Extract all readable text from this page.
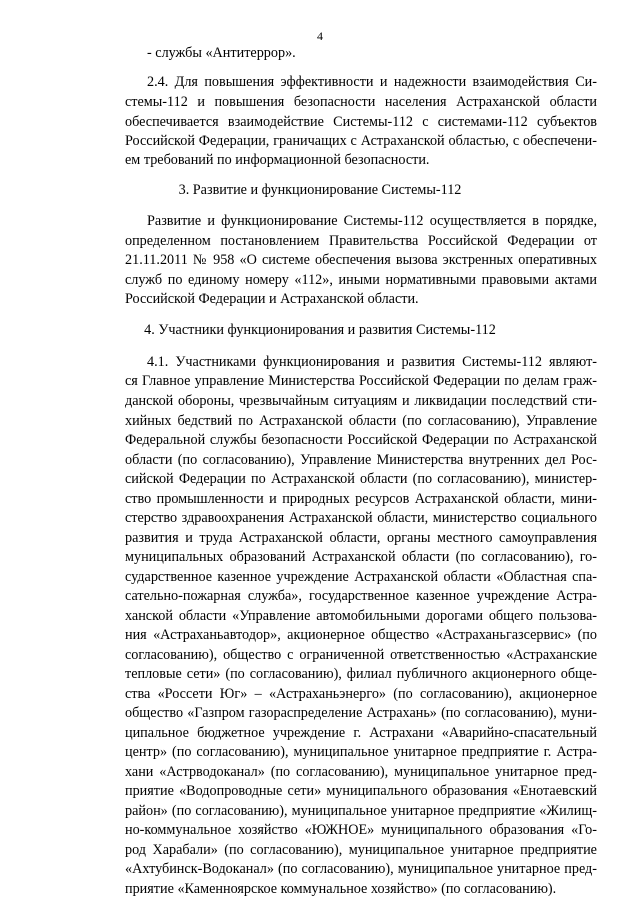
4
- службы «Антитеррор».
2.4. Для повышения эффективности и надежности взаимодействия Си-
стемы-112 и повышения безопасности населения Астраханской области
обеспечивается взаимодействие Системы-112 с системами-112 субъектов
Российской Федерации, граничащих с Астраханской областью, с обеспечени-
ем требований по информационной безопасности.
3. Развитие и функционирование Системы-112
Развитие и функционирование Системы-112 осуществляется в порядке,
определенном постановлением Правительства Российской Федерации от
21.11.2011 № 958 «О системе обеспечения вызова экстренных оперативных
служб по единому номеру «112», иными нормативными правовыми актами
Российской Федерации и Астраханской области.
4. Участники функционирования и развития Системы-112
4.1. Участниками функционирования и развития Системы-112 являют-
ся Главное управление Министерства Российской Федерации по делам граж-
данской обороны, чрезвычайным ситуациям и ликвидации последствий сти-
хийных бедствий по Астраханской области (по согласованию), Управление
Федеральной службы безопасности Российской Федерации по Астраханской
области (по согласованию), Управление Министерства внутренних дел Рос-
сийской Федерации по Астраханской области (по согласованию), министер-
ство промышленности и природных ресурсов Астраханской области, мини-
стерство здравоохранения Астраханской области, министерство социального
развития и труда Астраханской области, органы местного самоуправления
муниципальных образований Астраханской области (по согласованию), го-
сударственное казенное учреждение Астраханской области «Областная спа-
сательно-пожарная служба», государственное казенное учреждение Астра-
ханской области «Управление автомобильными дорогами общего пользова-
ния «Астраханьавтодор», акционерное общество «Астраханьгазсервис» (по
согласованию), общество с ограниченной ответственностью «Астраханские
тепловые сети» (по согласованию), филиал публичного акционерного обще-
ства «Россети Юг» – «Астраханьэнерго» (по согласованию), акционерное
общество «Газпром газораспределение Астрахань» (по согласованию), муни-
ципальное бюджетное учреждение г. Астрахани «Аварийно-спасательный
центр» (по согласованию), муниципальное унитарное предприятие г. Астра-
хани «Астрводоканал» (по согласованию), муниципальное унитарное пред-
приятие «Водопроводные сети» муниципального образования «Енотаевский
район» (по согласованию), муниципальное унитарное предприятие «Жилищ-
но-коммунальное хозяйство «ЮЖНОЕ» муниципального образования «Го-
род Харабали» (по согласованию), муниципальное унитарное предприятие
«Ахтубинск-Водоканал» (по согласованию), муниципальное унитарное пред-
приятие «Каменноярское коммунальное хозяйство» (по согласованию).
